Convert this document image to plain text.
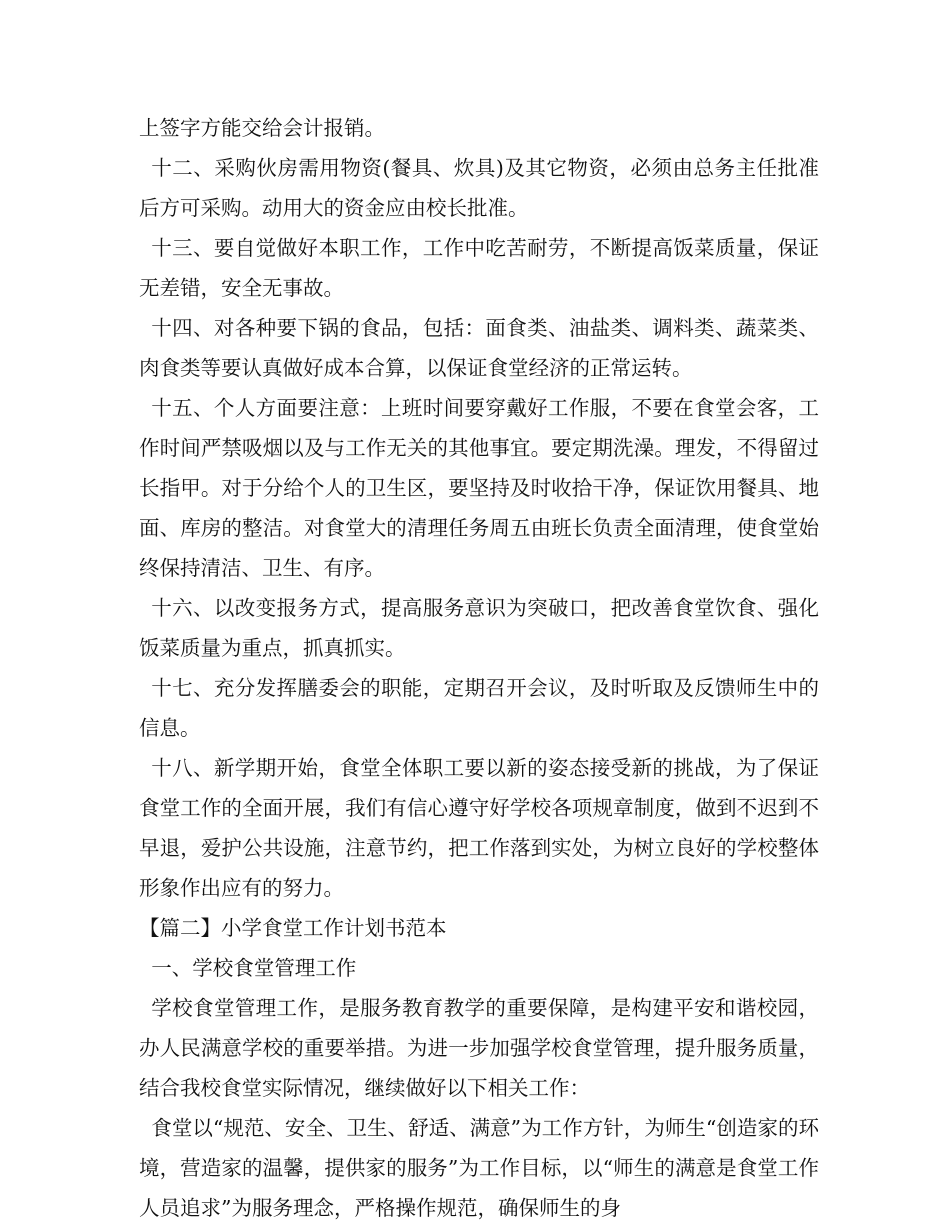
上签字方能交给会计报销。

十二、采购伙房需用物资(餐具、炊具)及其它物资，必须由总务主任批准后方可采购。动用大的资金应由校长批准。

十三、要自觉做好本职工作，工作中吃苦耐劳，不断提高饭菜质量，保证无差错，安全无事故。

十四、对各种要下锅的食品，包括：面食类、油盐类、调料类、蔬菜类、肉食类等要认真做好成本合算，以保证食堂经济的正常运转。

十五、个人方面要注意：上班时间要穿戴好工作服，不要在食堂会客，工作时间严禁吸烟以及与工作无关的其他事宜。要定期洗澡。理发，不得留过长指甲。对于分给个人的卫生区，要坚持及时收拾干净，保证饮用餐具、地面、库房的整洁。对食堂大的清理任务周五由班长负责全面清理，使食堂始终保持清洁、卫生、有序。

十六、以改变报务方式，提高服务意识为突破口，把改善食堂饮食、强化饭菜质量为重点，抓真抓实。

十七、充分发挥膳委会的职能，定期召开会议，及时听取及反馈师生中的信息。

十八、新学期开始，食堂全体职工要以新的姿态接受新的挑战，为了保证食堂工作的全面开展，我们有信心遵守好学校各项规章制度，做到不迟到不早退，爱护公共设施，注意节约，把工作落到实处，为树立良好的学校整体形象作出应有的努力。

【篇二】小学食堂工作计划书范本

一、学校食堂管理工作

学校食堂管理工作，是服务教育教学的重要保障，是构建平安和谐校园，办人民满意学校的重要举措。为进一步加强学校食堂管理，提升服务质量，结合我校食堂实际情况，继续做好以下相关工作：

食堂以“规范、安全、卫生、舒适、满意”为工作方针，为师生“创造家的环境，营造家的温馨，提供家的服务”为工作目标，以“师生的满意是食堂工作人员追求”为服务理念，严格操作规范，确保师生的身
